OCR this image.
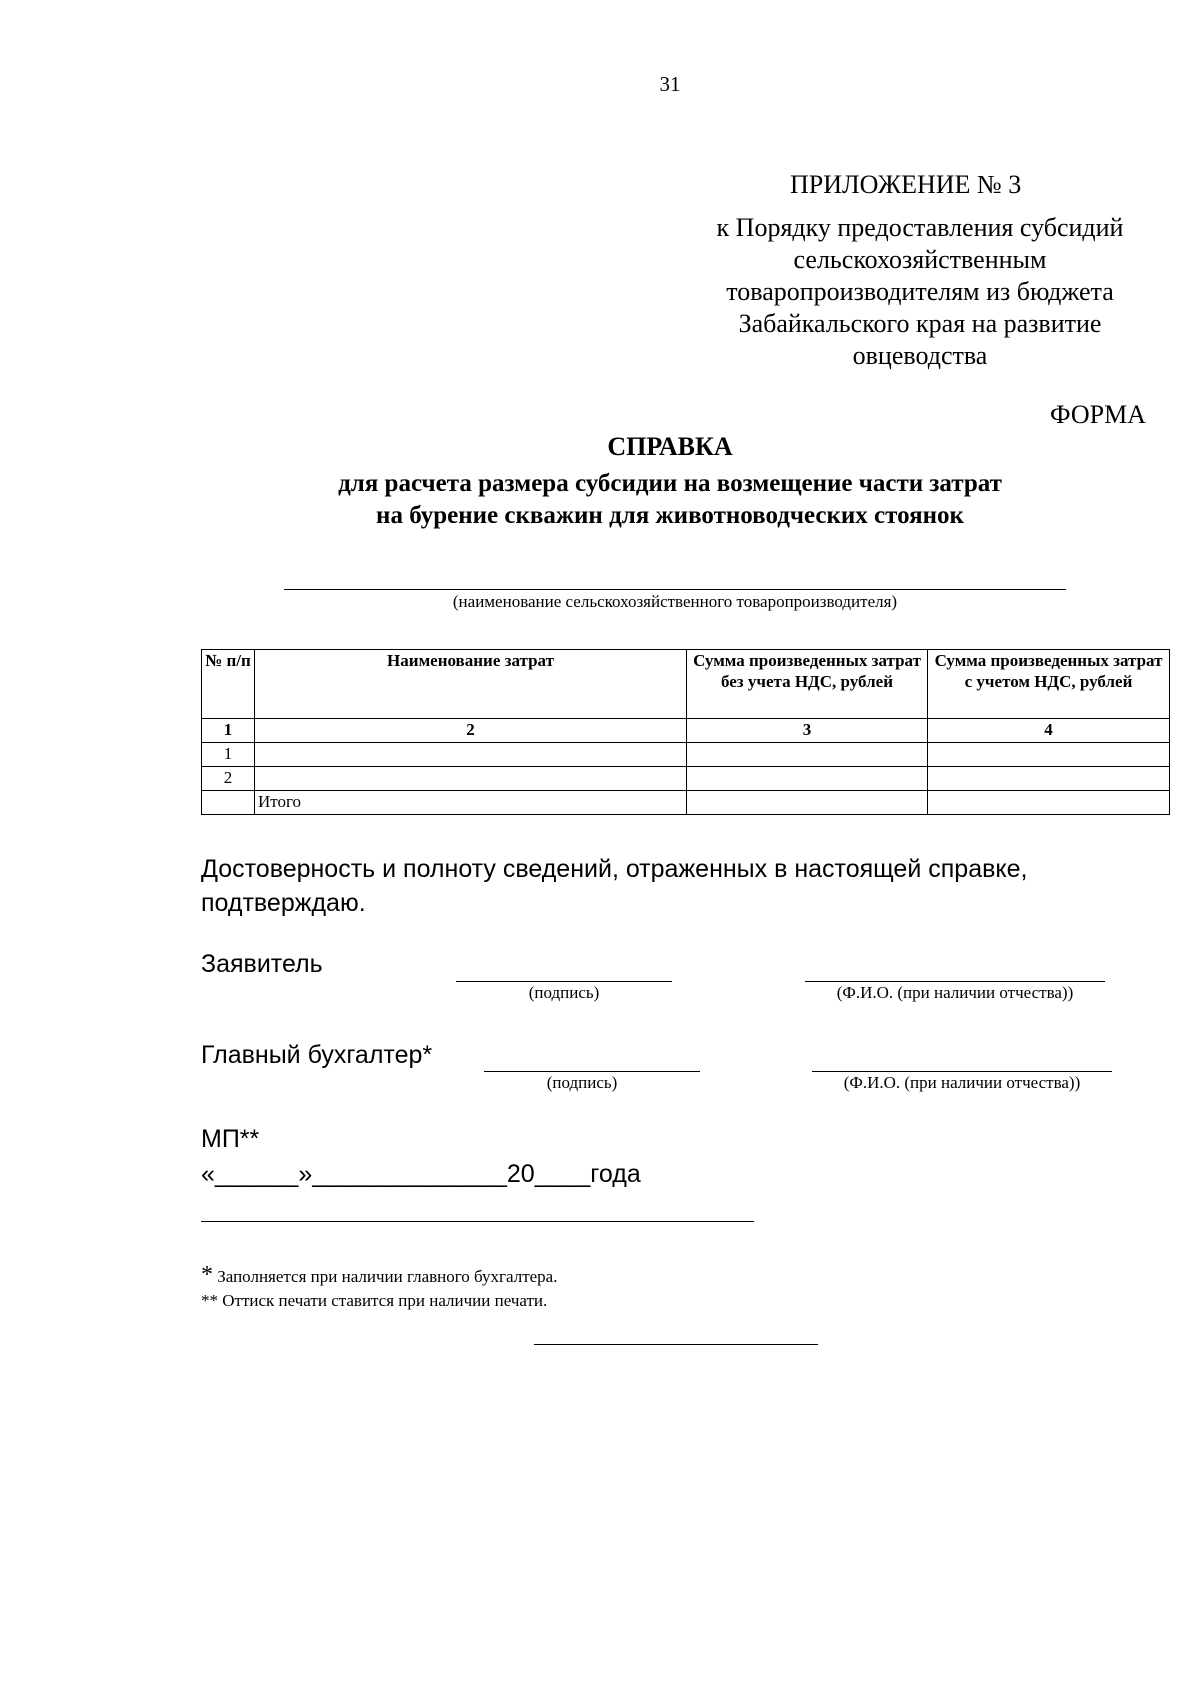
31
ПРИЛОЖЕНИЕ № 3
к Порядку предоставления субсидий
сельскохозяйственным
товаропроизводителям из бюджета
Забайкальского края на развитие
овцеводства
ФОРМА
СПРАВКА
для расчета размера субсидии на возмещение части затрат
на бурение скважин для животноводческих стоянок
(наименование сельскохозяйственного товаропроизводителя)
№ п/п	Наименование затрат	Сумма произведенных затрат без учета НДС, рублей	Сумма произведенных затрат с учетом НДС, рублей
1	2	3	4
1			
2			
	Итого		
Достоверность и полноту сведений, отраженных в настоящей справке, подтверждаю.
Заявитель
(подпись)	(Ф.И.О. (при наличии отчества))
Главный бухгалтер*
(подпись)	(Ф.И.О. (при наличии отчества))
МП**
«______»______________20____года
* Заполняется при наличии главного бухгалтера.
** Оттиск печати ставится при наличии печати.
